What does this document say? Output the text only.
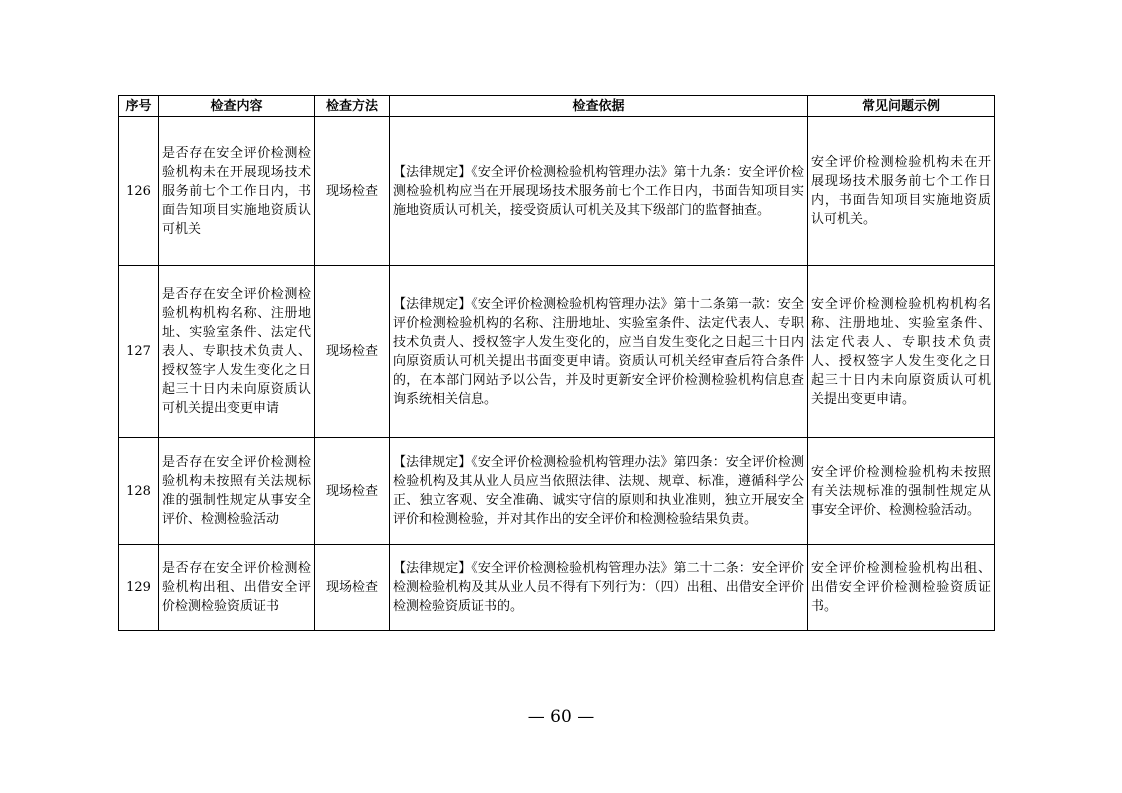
序号	检查内容	检查方法	检查依据	常见问题示例
126	是否存在安全评价检测检验机构未在开展现场技术服务前七个工作日内，书面告知项目实施地资质认可机关	现场检查	【法律规定】《安全评价检测检验机构管理办法》第十九条：安全评价检测检验机构应当在开展现场技术服务前七个工作日内，书面告知项目实施地资质认可机关，接受资质认可机关及其下级部门的监督抽查。	安全评价检测检验机构未在开展现场技术服务前七个工作日内，书面告知项目实施地资质认可机关。
127	是否存在安全评价检测检验机构机构名称、注册地址、实验室条件、法定代表人、专职技术负责人、授权签字人发生变化之日起三十日内未向原资质认可机关提出变更申请	现场检查	【法律规定】《安全评价检测检验机构管理办法》第十二条第一款：安全评价检测检验机构的名称、注册地址、实验室条件、法定代表人、专职技术负责人、授权签字人发生变化的，应当自发生变化之日起三十日内向原资质认可机关提出书面变更申请。资质认可机关经审查后符合条件的，在本部门网站予以公告，并及时更新安全评价检测检验机构信息查询系统相关信息。	安全评价检测检验机构机构名称、注册地址、实验室条件、法定代表人、专职技术负责人、授权签字人发生变化之日起三十日内未向原资质认可机关提出变更申请。
128	是否存在安全评价检测检验机构未按照有关法规标准的强制性规定从事安全评价、检测检验活动	现场检查	【法律规定】《安全评价检测检验机构管理办法》第四条：安全评价检测检验机构及其从业人员应当依照法律、法规、规章、标准，遵循科学公正、独立客观、安全准确、诚实守信的原则和执业准则，独立开展安全评价和检测检验，并对其作出的安全评价和检测检验结果负责。	安全评价检测检验机构未按照有关法规标准的强制性规定从事安全评价、检测检验活动。
129	是否存在安全评价检测检验机构出租、出借安全评价检测检验资质证书	现场检查	【法律规定】《安全评价检测检验机构管理办法》第二十二条：安全评价检测检验机构及其从业人员不得有下列行为：（四）出租、出借安全评价检测检验资质证书的。	安全评价检测检验机构出租、出借安全评价检测检验资质证书。
— 60 —
